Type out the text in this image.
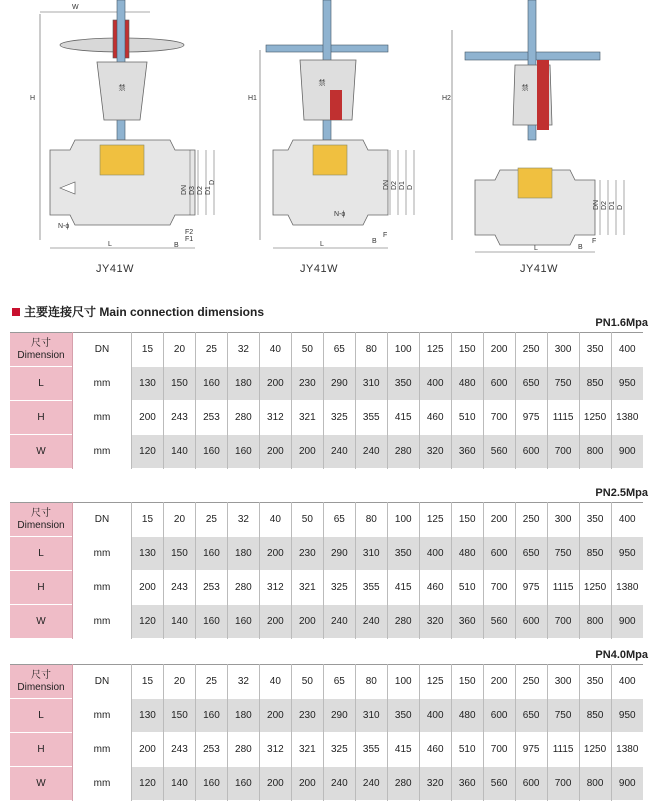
W
H
禁
DN D3 D2 D1
D
N-ϕ
F2
F1
B
L
JY41W
H1
禁
DN D2 D1 D
N-ϕ
F
B
L
JY41W
H2
禁
DN D2 D1 D
F
B
L
JY41W
主要连接尺寸 Main connection dimensions
PN1.6Mpa
尺寸
Dimension	DN	15	20	25	32	40	50	65	80	100	125	150	200	250	300	350	400
L	mm	130	150	160	180	200	230	290	310	350	400	480	600	650	750	850	950
H	mm	200	243	253	280	312	321	325	355	415	460	510	700	975	1115	1250	1380
W	mm	120	140	160	160	200	200	240	240	280	320	360	560	600	700	800	900
PN2.5Mpa
尺寸
Dimension	DN	15	20	25	32	40	50	65	80	100	125	150	200	250	300	350	400
L	mm	130	150	160	180	200	230	290	310	350	400	480	600	650	750	850	950
H	mm	200	243	253	280	312	321	325	355	415	460	510	700	975	1115	1250	1380
W	mm	120	140	160	160	200	200	240	240	280	320	360	560	600	700	800	900
PN4.0Mpa
尺寸
Dimension	DN	15	20	25	32	40	50	65	80	100	125	150	200	250	300	350	400
L	mm	130	150	160	180	200	230	290	310	350	400	480	600	650	750	850	950
H	mm	200	243	253	280	312	321	325	355	415	460	510	700	975	1115	1250	1380
W	mm	120	140	160	160	200	200	240	240	280	320	360	560	600	700	800	900
